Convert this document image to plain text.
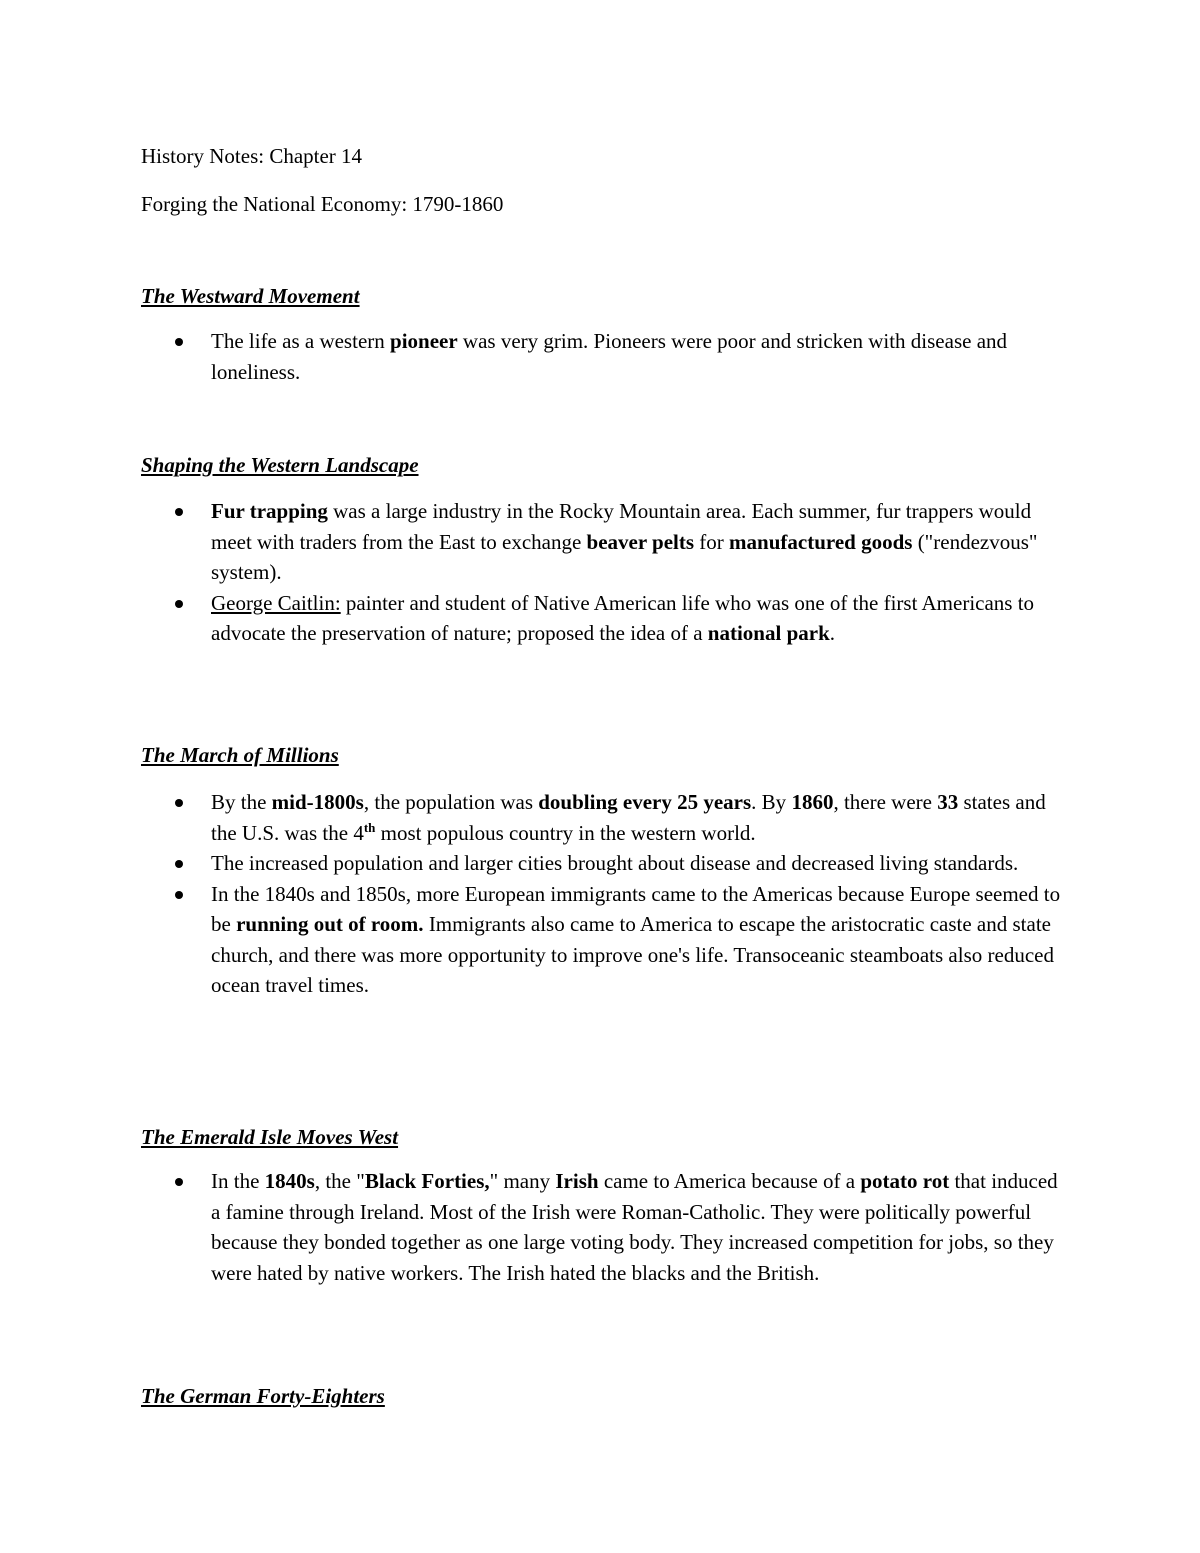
History Notes: Chapter 14
Forging the National Economy: 1790-1860
The Westward Movement
The life as a western pioneer was very grim. Pioneers were poor and stricken with disease and loneliness.
Shaping the Western Landscape
Fur trapping was a large industry in the Rocky Mountain area. Each summer, fur trappers would meet with traders from the East to exchange beaver pelts for manufactured goods ("rendezvous" system).
George Caitlin: painter and student of Native American life who was one of the first Americans to advocate the preservation of nature; proposed the idea of a national park.
The March of Millions
By the mid-1800s, the population was doubling every 25 years. By 1860, there were 33 states and the U.S. was the 4th most populous country in the western world.
The increased population and larger cities brought about disease and decreased living standards.
In the 1840s and 1850s, more European immigrants came to the Americas because Europe seemed to be running out of room. Immigrants also came to America to escape the aristocratic caste and state church, and there was more opportunity to improve one's life. Transoceanic steamboats also reduced ocean travel times.
The Emerald Isle Moves West
In the 1840s, the "Black Forties," many Irish came to America because of a potato rot that induced a famine through Ireland. Most of the Irish were Roman-Catholic. They were politically powerful because they bonded together as one large voting body. They increased competition for jobs, so they were hated by native workers. The Irish hated the blacks and the British.
The German Forty-Eighters
